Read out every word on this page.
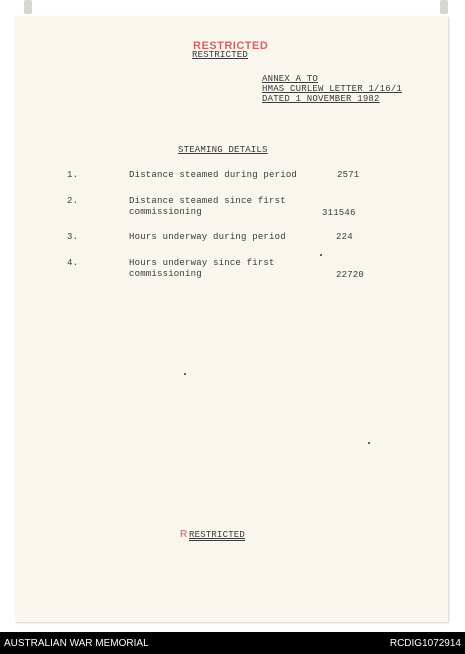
RESTRICTED
RESTRICTED
ANNEX A TO
HMAS CURLEW LETTER 1/16/1
DATED 1 NOVEMBER 1982
STEAMING DETAILS
1.	Distance steamed during period	2571
2.	Distance steamed since first
commissioning	311546
3.	Hours underway during period	224
4.	Hours underway since first
commissioning	22720
R RESTRICTED
AUSTRALIAN WAR MEMORIAL	RCDIG1072914
